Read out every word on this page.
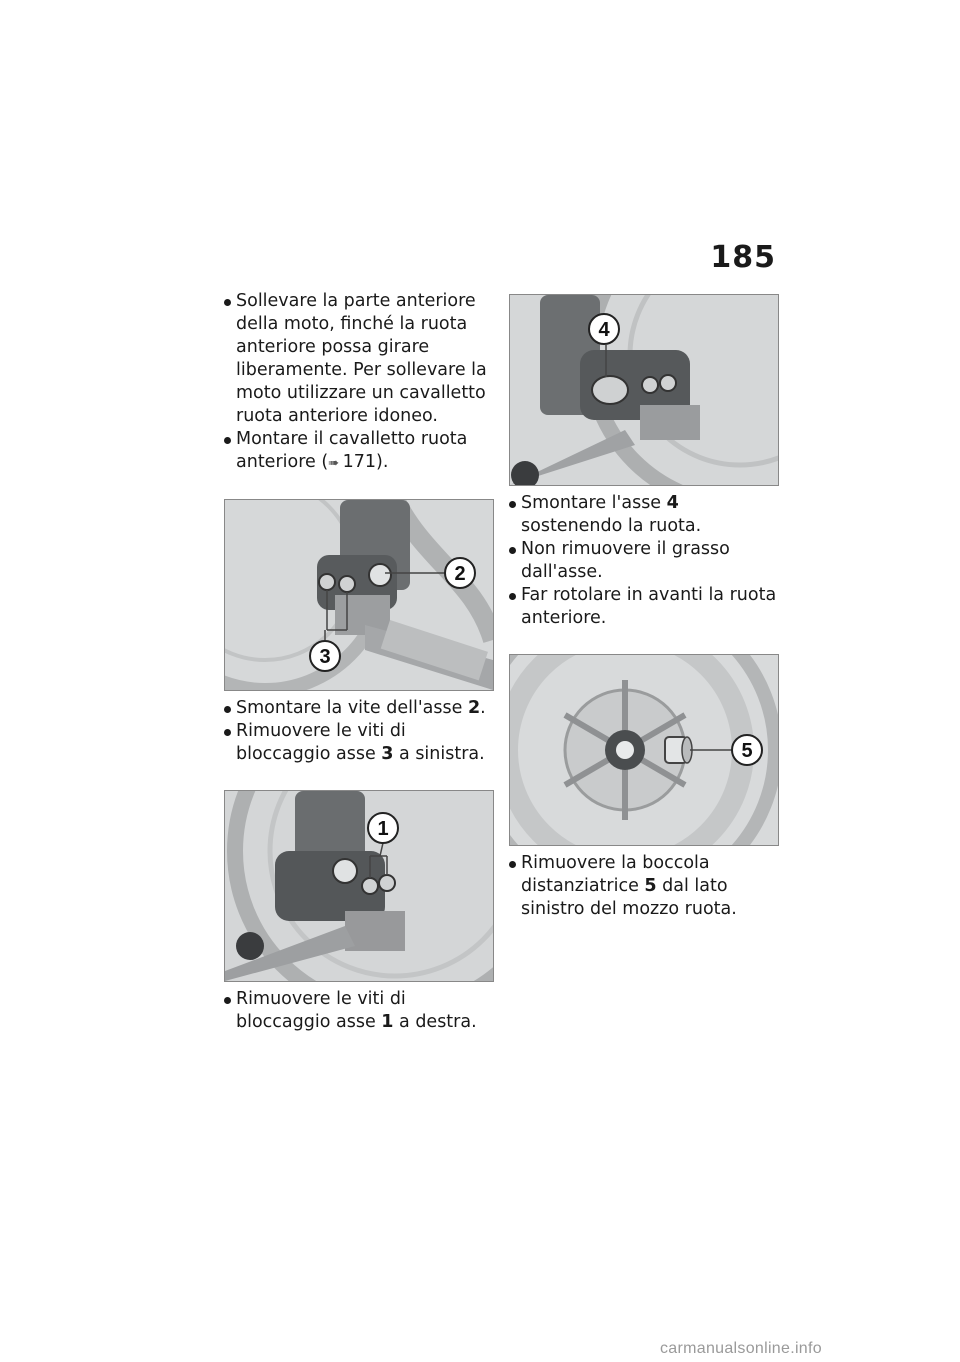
185
Sollevare la parte anteriore della moto, finché la ruota anteriore possa girare liberamente. Per sollevare la moto utilizzare un cavalletto ruota anteriore idoneo.
Montare il cavalletto ruota anteriore (➠  171).
2
3
Smontare la vite dell'asse 2.
Rimuovere le viti di bloccaggio asse 3 a sinistra.
1
Rimuovere le viti di bloccaggio asse 1 a destra.
4
Smontare l'asse 4 sostenendo la ruota.
Non rimuovere il grasso dall'asse.
Far rotolare in avanti la ruota anteriore.
5
Rimuovere la boccola distanziatrice 5 dal lato sinistro del mozzo ruota.
carmanualsonline.info
